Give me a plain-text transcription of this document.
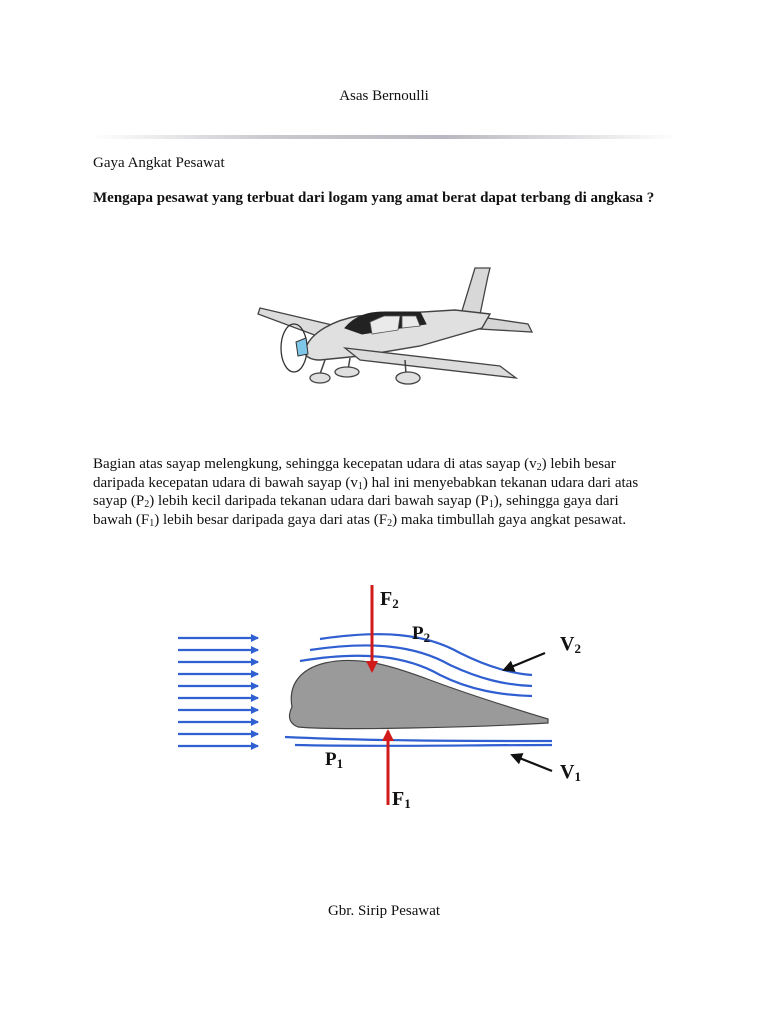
Asas Bernoulli
Gaya Angkat Pesawat
Mengapa pesawat yang terbuat dari logam yang amat berat dapat terbang di angkasa ?
Bagian atas sayap melengkung, sehingga kecepatan udara di atas sayap $(v_2)$ lebih besar
daripada kecepatan udara di bawah sayap $(v_1)$ hal ini menyebabkan tekanan udara dari atas
sayap $(P_2)$ lebih kecil daripada tekanan udara dari bawah sayap $(P_1)$, sehingga gaya dari
bawah $(F_1)$ lebih besar daripada gaya dari atas $(F_2)$ maka timbullah gaya angkat pesawat.
F2
P2	V2
P1	V1
F1
Gbr. Sirip Pesawat
